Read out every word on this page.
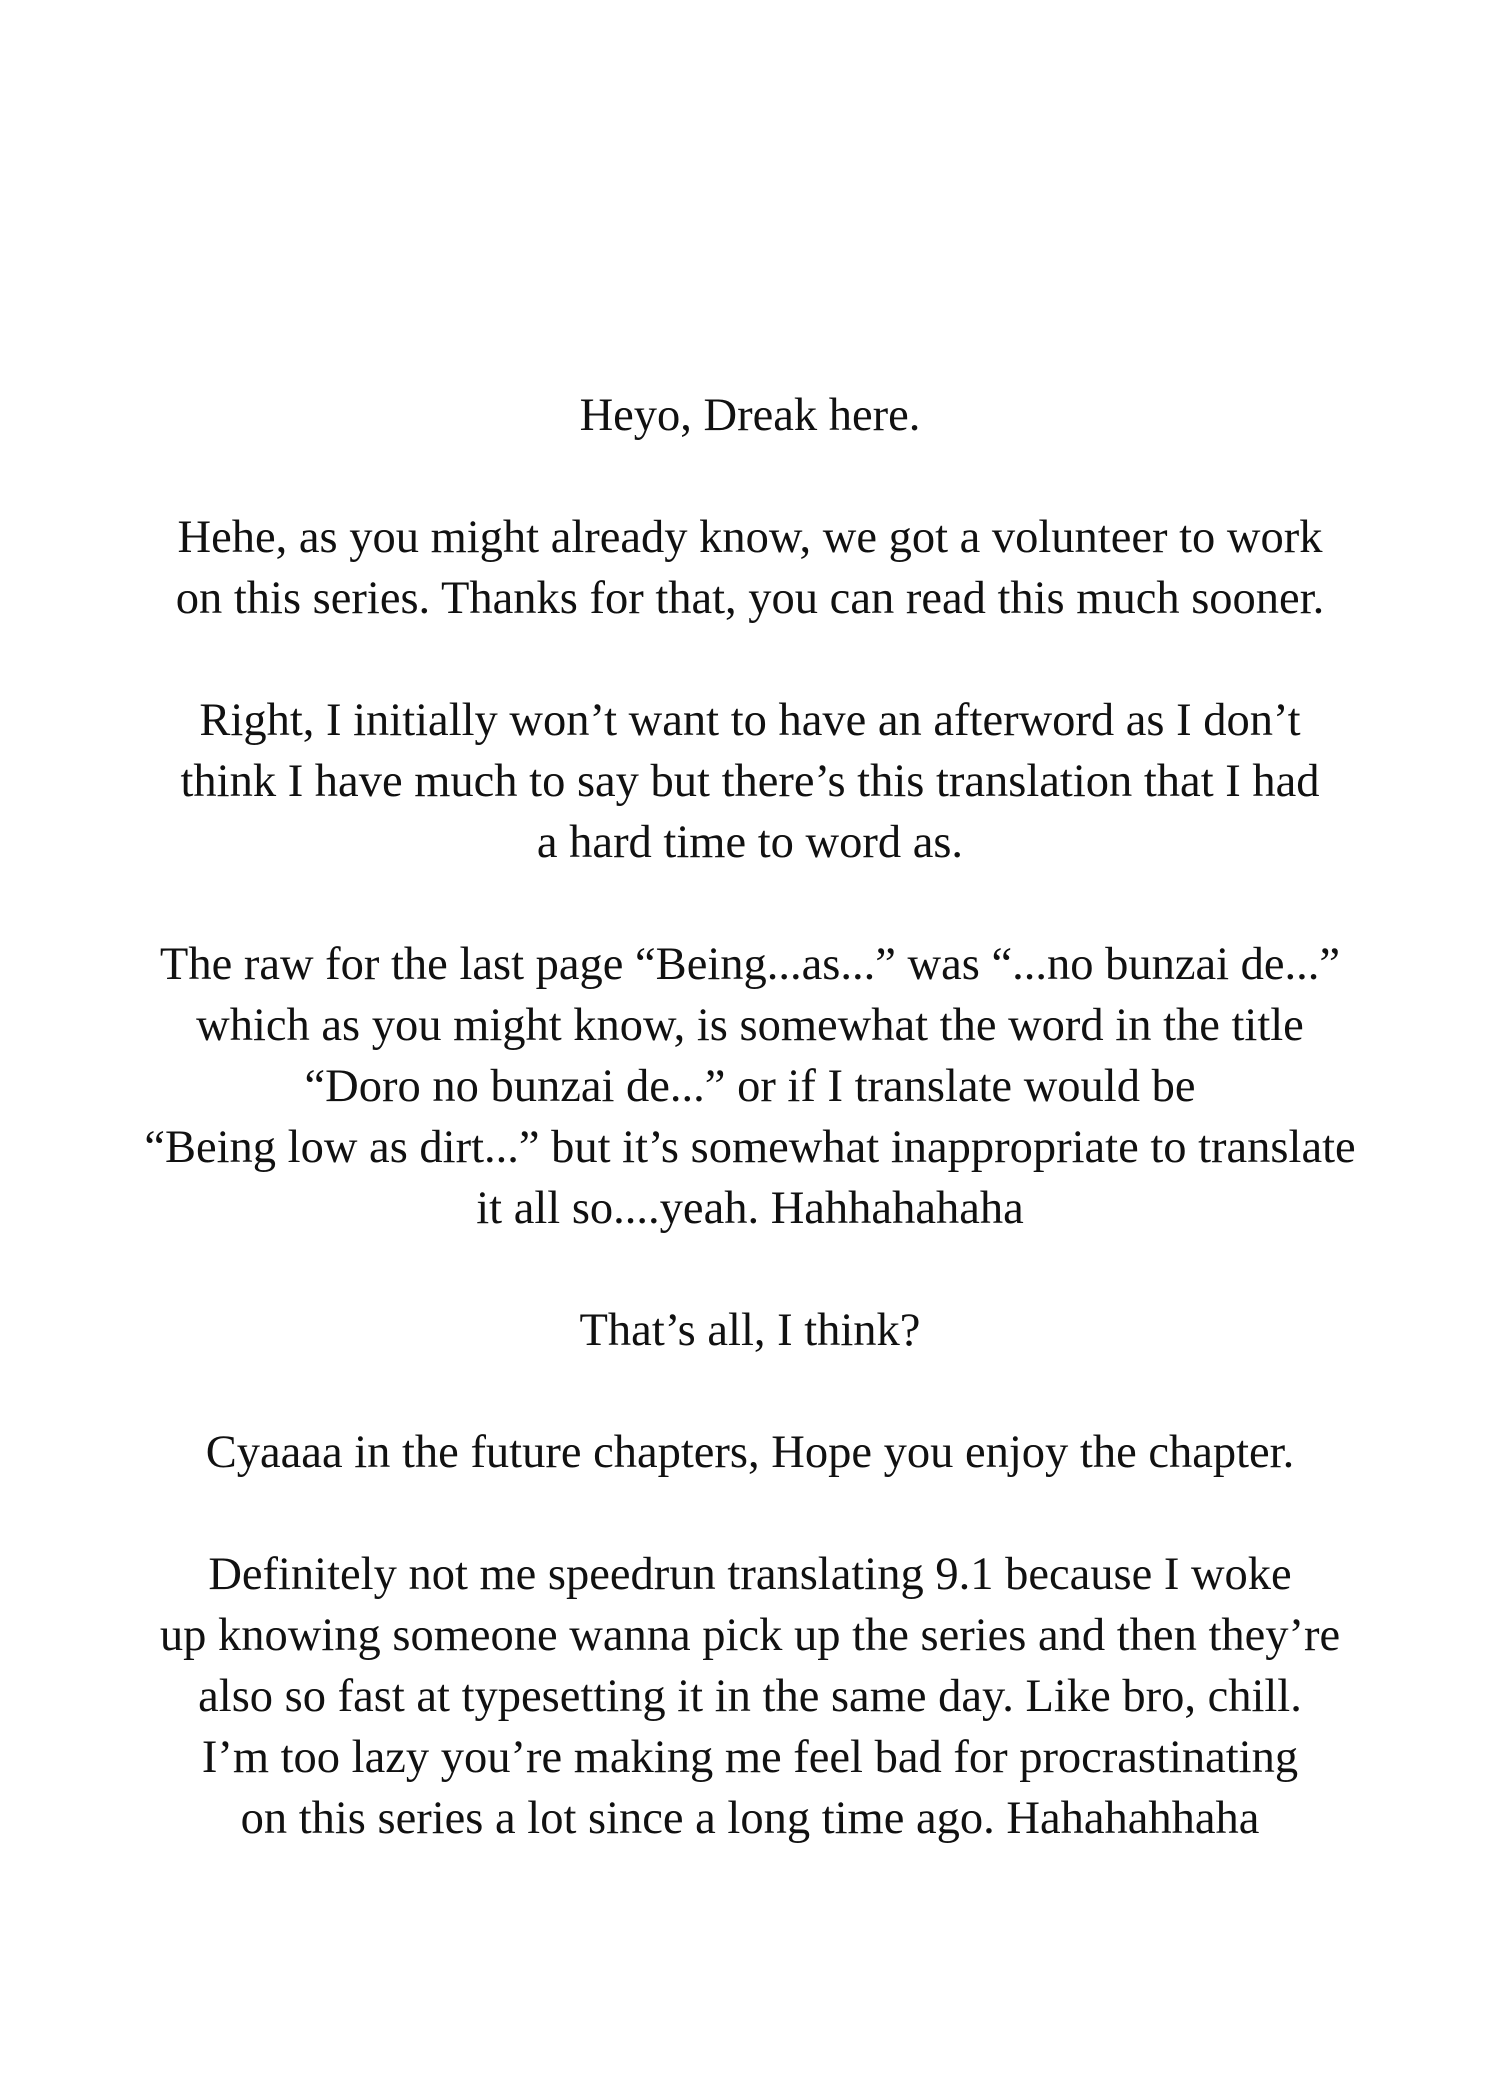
Heyo, Dreak here.

Hehe, as you might already know, we got a volunteer to work
on this series. Thanks for that, you can read this much sooner.

Right, I initially won’t want to have an afterword as I don’t
think I have much to say but there’s this translation that I had
a hard time to word as.

The raw for the last page “Being...as...” was “...no bunzai de...”
which as you might know, is somewhat the word in the title
“Doro no bunzai de...” or if I translate would be
“Being low as dirt...” but it’s somewhat inappropriate to translate
it all so....yeah. Hahhahahaha

That’s all, I think?

Cyaaaa in the future chapters, Hope you enjoy the chapter.

Definitely not me speedrun translating 9.1 because I woke
up knowing someone wanna pick up the series and then they’re
also so fast at typesetting it in the same day. Like bro, chill.
I’m too lazy you’re making me feel bad for procrastinating
on this series a lot since a long time ago. Hahahahhaha
